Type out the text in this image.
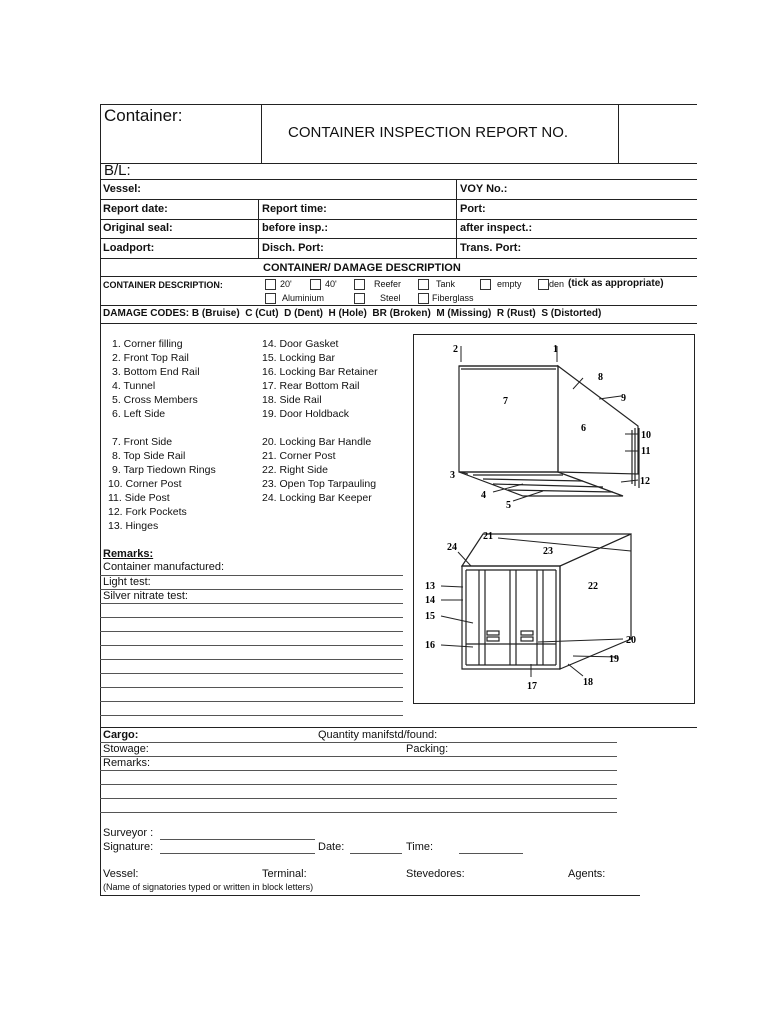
Container:
CONTAINER INSPECTION REPORT NO.
B/L:
Vessel:	VOY No.:
Report date:	Report time:	Port:
Original seal:	before insp.:	after inspect.:
Loadport:	Disch. Port:	Trans. Port:
CONTAINER/ DAMAGE DESCRIPTION
CONTAINER DESCRIPTION:	20'	40'	Reefer	Tank	empty	den (tick as appropriate)
Aluminium	Steel	Fiberglass
DAMAGE CODES: B (Bruise)  C (Cut)  D (Dent)  H (Hole)  BR (Broken)  M (Missing)  R (Rust)  S (Distorted)
1. Corner filling
2. Front Top Rail
3. Bottom End Rail
4. Tunnel
5. Cross Members
6. Left Side
7. Front Side
8. Top Side Rail
9. Tarp Tiedown Rings
10. Corner Post
11. Side Post
12. Fork Pockets
13. Hinges
14. Door Gasket
15. Locking Bar
16. Locking Bar Retainer
17. Rear Bottom Rail
18. Side Rail
19. Door Holdback
20. Locking Bar Handle
21. Corner Post
22. Right Side
23. Open Top Tarpauling
24. Locking Bar Keeper
Remarks:
Container manufactured:
Light test:
Silver nitrate test:
2	1
8
9
7
6
10
11
12
3
4
5
21
24	23
22
13
14
15
16	20
19
18
17
Cargo:	Quantity manifstd/found:
Stowage:	Packing:
Remarks:
Surveyor :
Signature:	Date:	Time:
Vessel:	Terminal:	Stevedores:	Agents:
(Name of signatories typed or written in block letters)
